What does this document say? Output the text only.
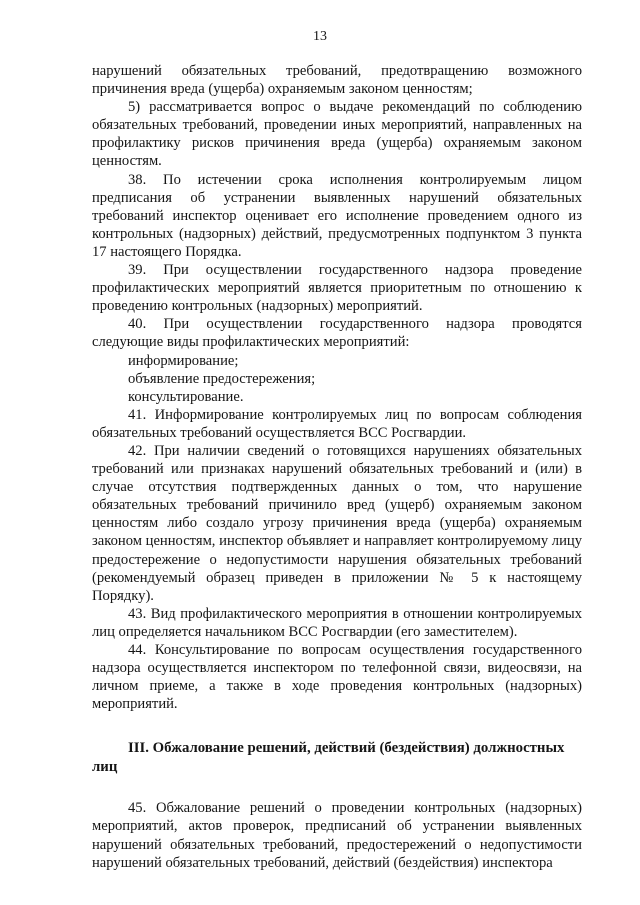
13

нарушений обязательных требований, предотвращению возможного причинения вреда (ущерба) охраняемым законом ценностям;

5) рассматривается вопрос о выдаче рекомендаций по соблюдению обязательных требований, проведении иных мероприятий, направленных на профилактику рисков причинения вреда (ущерба) охраняемым законом ценностям.

38. По истечении срока исполнения контролируемым лицом предписания об устранении выявленных нарушений обязательных требований инспектор оценивает его исполнение проведением одного из контрольных (надзорных) действий, предусмотренных подпунктом 3 пункта 17 настоящего Порядка.

39. При осуществлении государственного надзора проведение профилактических мероприятий является приоритетным по отношению к проведению контрольных (надзорных) мероприятий.

40. При осуществлении государственного надзора проводятся следующие виды профилактических мероприятий:

информирование;

объявление предостережения;

консультирование.

41. Информирование контролируемых лиц по вопросам соблюдения обязательных требований осуществляется ВСС Росгвардии.

42. При наличии сведений о готовящихся нарушениях обязательных требований или признаках нарушений обязательных требований и (или) в случае отсутствия подтвержденных данных о том, что нарушение обязательных требований причинило вред (ущерб) охраняемым законом ценностям либо создало угрозу причинения вреда (ущерба) охраняемым законом ценностям, инспектор объявляет и направляет контролируемому лицу предостережение о недопустимости нарушения обязательных требований (рекомендуемый образец приведен в приложении № 5 к настоящему Порядку).

43. Вид профилактического мероприятия в отношении контролируемых лиц определяется начальником ВСС Росгвардии (его заместителем).

44. Консультирование по вопросам осуществления государственного надзора осуществляется инспектором по телефонной связи, видеосвязи, на личном приеме, а также в ходе проведения контрольных (надзорных) мероприятий.

III. Обжалование решений, действий (бездействия) должностных лиц

45. Обжалование решений о проведении контрольных (надзорных) мероприятий, актов проверок, предписаний об устранении выявленных нарушений обязательных требований, предостережений о недопустимости нарушений обязательных требований, действий (бездействия) инспектора
